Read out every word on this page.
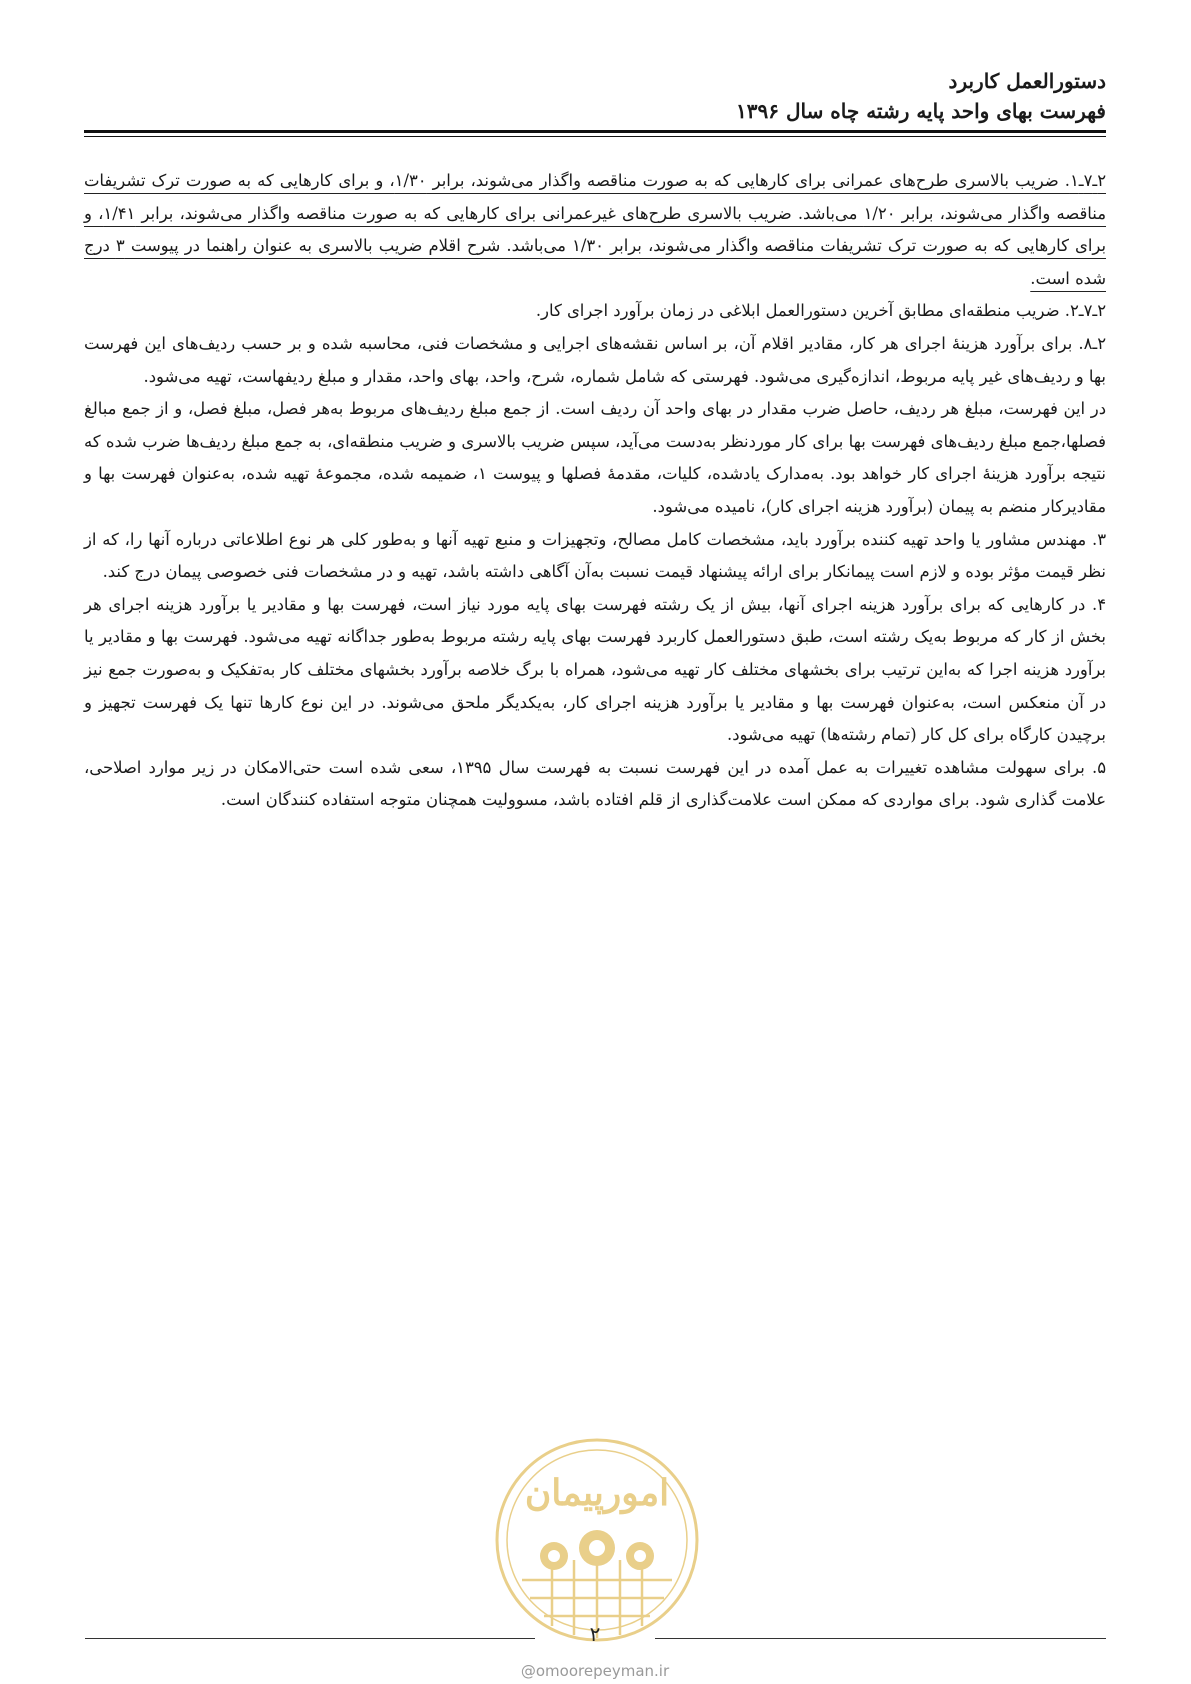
دستورالعمل کاربرد
فهرست بهای واحد پایه رشته چاه سال ۱۳۹۶

۲ـ۷ـ۱. ضریب بالاسری طرح‌های عمرانی برای کارهایی که به صورت مناقصه واگذار می‌شوند، برابر ۱/۳۰، و برای کارهایی که به صورت ترک تشریفات مناقصه واگذار می‌شوند، برابر ۱/۲۰ می‌باشد. ضریب بالاسری طرح‌های غیرعمرانی برای کارهایی که به صورت مناقصه واگذار می‌شوند، برابر ۱/۴۱، و برای کارهایی که به صورت ترک تشریفات مناقصه واگذار می‌شوند، برابر ۱/۳۰ می‌باشد. شرح اقلام ضریب بالاسری به عنوان راهنما در پیوست ۳ درج شده است.

۲ـ۷ـ۲. ضریب منطقه‌ای مطابق آخرین دستورالعمل ابلاغی در زمان برآورد اجرای کار.

۲ـ۸. برای برآورد هزینهٔ اجرای هر کار، مقادیر اقلام آن، بر اساس نقشه‌های اجرایی و مشخصات فنی، محاسبه شده و بر حسب ردیف‌های این فهرست بها و ردیف‌های غیر پایه مربوط، اندازه‌گیری می‌شود. فهرستی که شامل شماره، شرح، واحد، بهای واحد، مقدار و مبلغ ردیفهاست، تهیه می‌شود.

در این فهرست، مبلغ هر ردیف، حاصل ضرب مقدار در بهای واحد آن ردیف است. از جمع مبلغ ردیف‌های مربوط به‌هر فصل، مبلغ فصل، و از جمع مبالغ فصلها،جمع مبلغ ردیف‌های فهرست بها برای کار موردنظر به‌دست می‌آید، سپس ضریب بالاسری و ضریب منطقه‌ای، به جمع مبلغ ردیف‌ها ضرب شده که نتیجه برآورد هزینهٔ اجرای کار خواهد بود. به‌مدارک یادشده، کلیات، مقدمهٔ فصلها و پیوست ۱، ضمیمه شده، مجموعهٔ تهیه شده، به‌عنوان فهرست بها و مقادیرکار منضم به پیمان (برآورد هزینه اجرای کار)، نامیده می‌شود.

۳. مهندس مشاور یا واحد تهیه کننده برآورد باید، مشخصات کامل مصالح، وتجهیزات و منبع تهیه آنها و به‌طور کلی هر نوع اطلاعاتی درباره آنها را، که از نظر قیمت مؤثر بوده و لازم است پیمانکار برای ارائه پیشنهاد قیمت نسبت به‌آن آگاهی داشته باشد، تهیه و در مشخصات فنی خصوصی پیمان درج کند.

۴. در کارهایی که برای برآورد هزینه اجرای آنها، بیش از یک رشته فهرست بهای پایه مورد نیاز است، فهرست بها و مقادیر یا برآورد هزینه اجرای هر بخش از کار که مربوط به‌یک رشته است، طبق دستورالعمل کاربرد فهرست بهای پایه رشته مربوط به‌طور جداگانه تهیه می‌شود. فهرست بها و مقادیر یا برآورد هزینه اجرا که به‌این ترتیب برای بخشهای مختلف کار تهیه می‌شود، همراه با برگ خلاصه برآورد بخشهای مختلف کار به‌تفکیک و به‌صورت جمع نیز در آن منعکس است، به‌عنوان فهرست بها و مقادیر یا برآورد هزینه اجرای کار، به‌یکدیگر ملحق می‌شوند. در این نوع کارها تنها یک فهرست تجهیز و برچیدن کارگاه برای کل کار (تمام رشته‌ها) تهیه می‌شود.

۵. برای سهولت مشاهده تغییرات به عمل آمده در این فهرست نسبت به فهرست سال ۱۳۹۵، سعی شده است حتی‌الامکان در زیر موارد اصلاحی، علامت گذاری شود. برای مواردی که ممکن است علامت‌گذاری از قلم افتاده باشد، مسوولیت همچنان متوجه استفاده کنندگان است.

امورپیمان
۲
@omoorepeyman.ir
